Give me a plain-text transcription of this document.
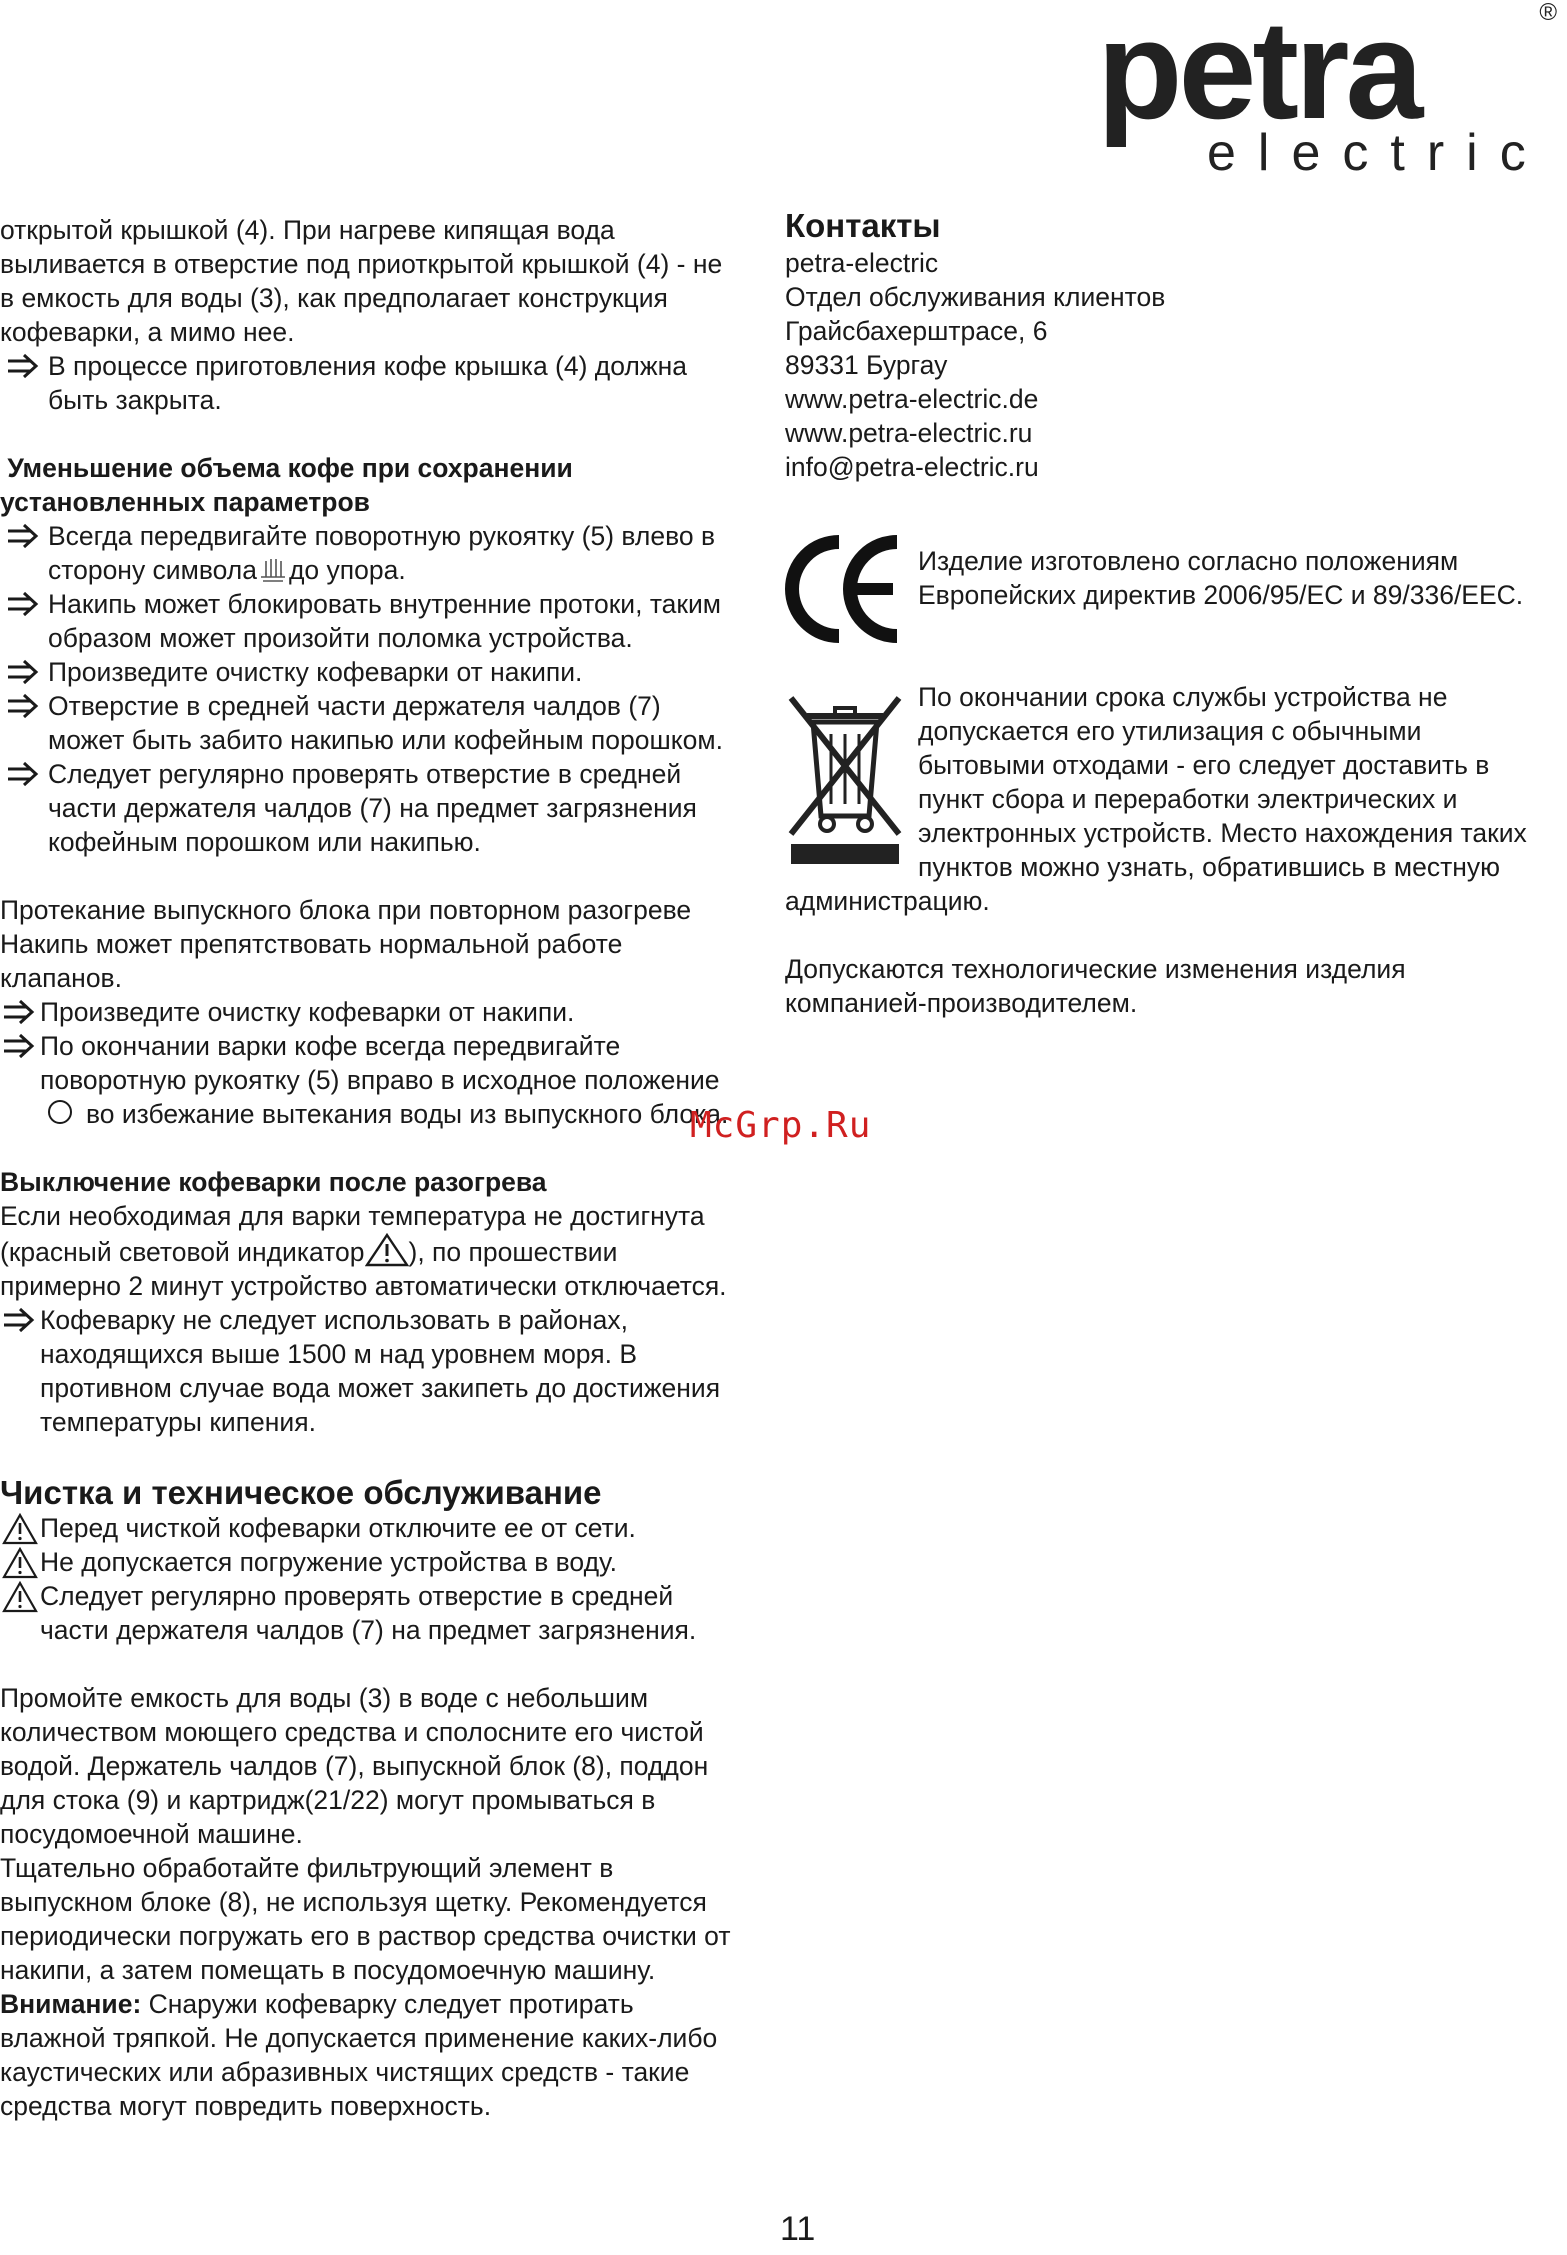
petra	®
electric

открытой крышкой (4). При нагреве кипящая вода

выливается в отверстие под приоткрытой крышкой (4) - не

в емкость для воды (3), как предполагает конструкция

кофеварки, а мимо нее.

В процессе приготовления кофе крышка (4) должна

быть закрыта.

Уменьшение объема кофе при сохранении

установленных параметров

Всегда передвигайте поворотную рукоятку (5) влево в

сторону символа до упора.

Накипь может блокировать внутренние протоки, таким

образом может произойти поломка устройства.

Произведите очистку кофеварки от накипи.

Отверстие в средней части держателя чалдов (7)

может быть забито накипью или кофейным порошком.

Следует регулярно проверять отверстие в средней

части держателя чалдов (7) на предмет загрязнения

кофейным порошком или накипью.

Протекание выпускного блока при повторном разогреве

Накипь может препятствовать нормальной работе

клапанов.

Произведите очистку кофеварки от накипи.

По окончании варки кофе всегда передвигайте

поворотную рукоятку (5) вправо в исходное положение

во избежание вытекания воды из выпускного блока.

Выключение кофеварки после разогрева

Если необходимая для варки температура не достигнута

(красный световой индикатор ), по прошествии

примерно 2 минут устройство автоматически отключается.

Кофеварку не следует использовать в районах,

находящихся выше 1500 м над уровнем моря. В

противном случае вода может закипеть до достижения

температуры кипения.

Чистка и техническое обслуживание

Перед чисткой кофеварки отключите ее от сети.

Не допускается погружение устройства в воду.

Следует регулярно проверять отверстие в средней

части держателя чалдов (7) на предмет загрязнения.

Промойте емкость для воды (3) в воде с небольшим

количеством моющего средства и сполосните его чистой

водой. Держатель чалдов (7), выпускной блок (8), поддон

для стока (9) и картридж(21/22) могут промываться в

посудомоечной машине.

Тщательно обработайте фильтрующий элемент в

выпускном блоке (8), не используя щетку. Рекомендуется

периодически погружать его в раствор средства очистки от

накипи, а затем помещать в посудомоечную машину.

Внимание: Снаружи кофеварку следует протирать

влажной тряпкой. Не допускается применение каких-либо

каустических или абразивных чистящих средств - такие

средства могут повредить поверхность.

Контакты

petra-electric

Отдел обслуживания клиентов

Грайсбахерштрасе, 6

89331 Бургау

www.petra-electric.de

www.petra-electric.ru

info@petra-electric.ru

Изделие изготовлено согласно положениям

Европейских директив 2006/95/ЕС и 89/336/ЕЕС.

По окончании срока службы устройства не

допускается его утилизация с обычными

бытовыми отходами - его следует доставить в

пункт сбора и переработки электрических и

электронных устройств. Место нахождения таких

пунктов можно узнать, обратившись в местную

администрацию.

Допускаются технологические изменения изделия

компанией-производителем.

McGrp.Ru
11
